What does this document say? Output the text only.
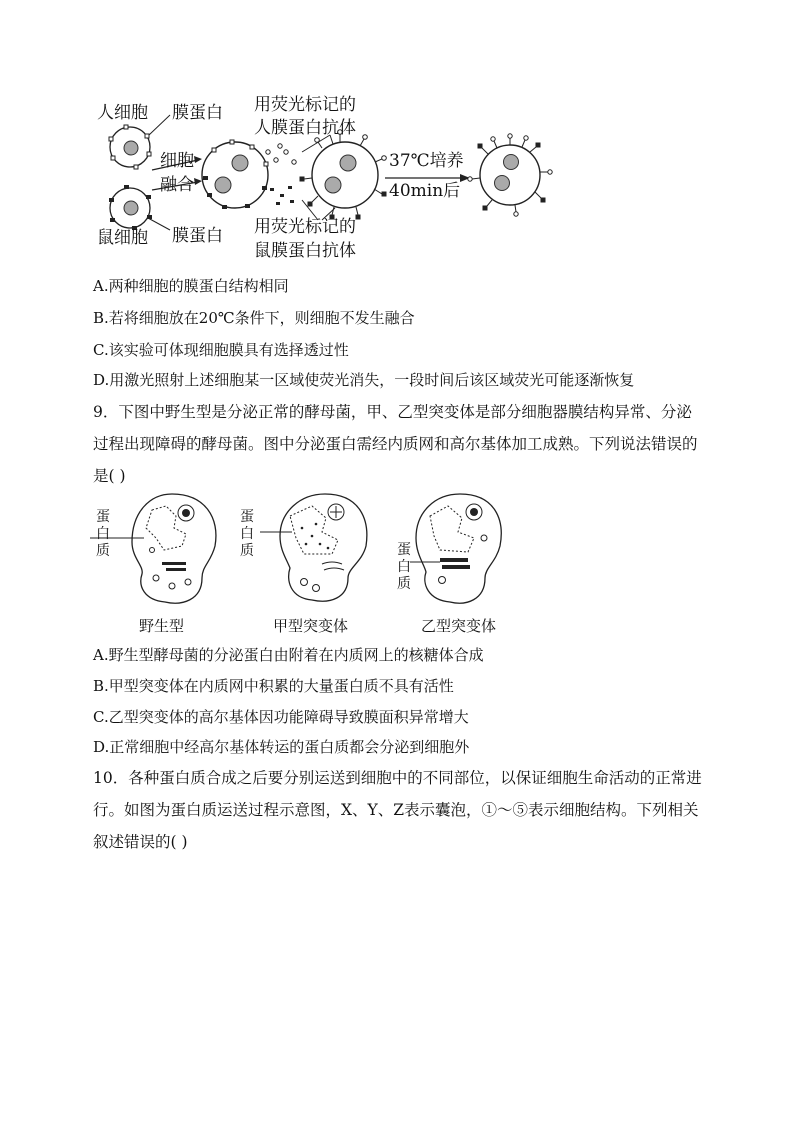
人细胞
鼠细胞
膜蛋白
膜蛋白
细胞
融合
用荧光标记的
人膜蛋白抗体
用荧光标记的
鼠膜蛋白抗体
37℃培养
40min后
A.两种细胞的膜蛋白结构相同
B.若将细胞放在20℃条件下，则细胞不发生融合
C.该实验可体现细胞膜具有选择透过性
D.用激光照射上述细胞某一区域使荧光消失，一段时间后该区域荧光可能逐渐恢复
9．下图中野生型是分泌正常的酵母菌，甲、乙型突变体是部分细胞器膜结构异常、分泌过程出现障碍的酵母菌。图中分泌蛋白需经内质网和高尔基体加工成熟。下列说法错误的是( )
蛋
白
质
蛋
白
质	蛋
白
质
野生型	甲型突变体	乙型突变体
A.野生型酵母菌的分泌蛋白由附着在内质网上的核糖体合成
B.甲型突变体在内质网中积累的大量蛋白质不具有活性
C.乙型突变体的高尔基体因功能障碍导致膜面积异常增大
D.正常细胞中经高尔基体转运的蛋白质都会分泌到细胞外
10．各种蛋白质合成之后要分别运送到细胞中的不同部位，以保证细胞生命活动的正常进行。如图为蛋白质运送过程示意图，X、Y、Z表示囊泡，①～⑤表示细胞结构。下列相关叙述错误的( )
